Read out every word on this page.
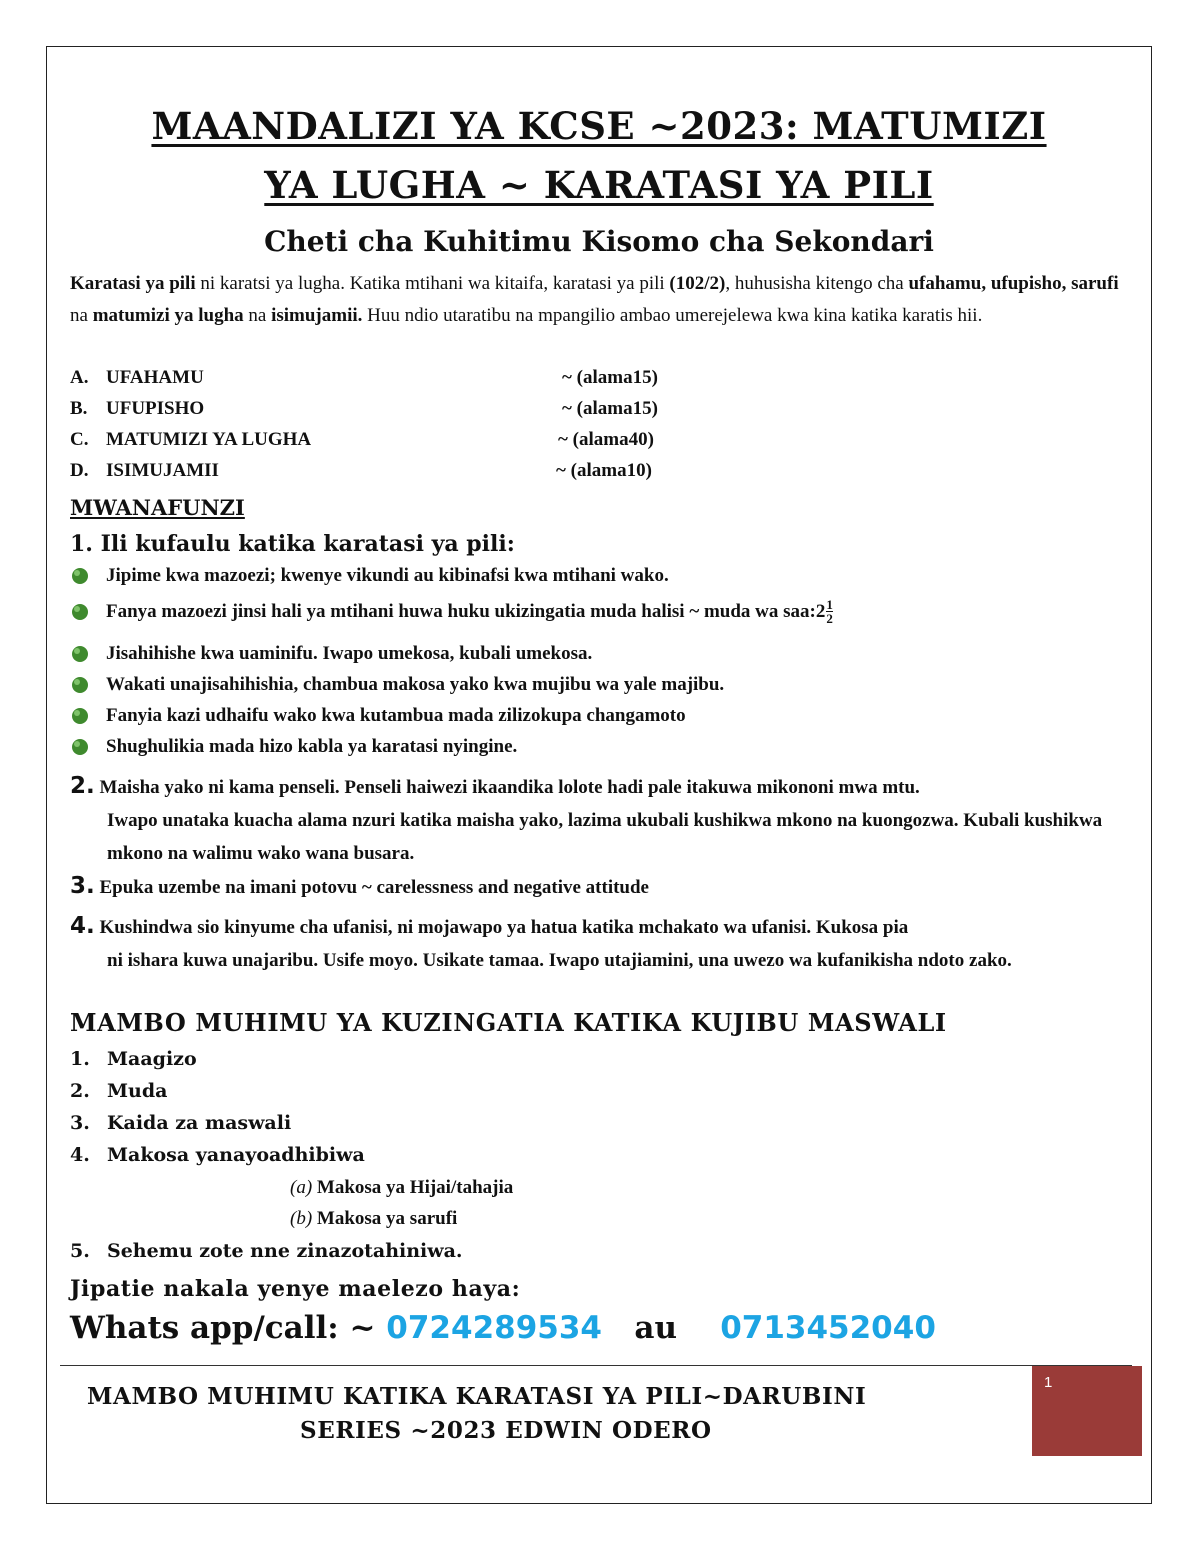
MAANDALIZI YA KCSE ~2023: MATUMIZI
YA LUGHA ~ KARATASI YA PILI
Cheti cha Kuhitimu Kisomo cha Sekondari
Karatasi ya pili ni karatsi ya lugha. Katika mtihani wa kitaifa, karatasi ya pili (102/2), huhusisha kitengo cha ufahamu, ufupisho, sarufi na matumizi ya lugha na isimujamii. Huu ndio utaratibu na mpangilio ambao umerejelewa kwa kina katika karatis hii.
A. UFAHAMU	~ (alama15)
B. UFUPISHO	~ (alama15)
C. MATUMIZI YA LUGHA	~ (alama40)
D. ISIMUJAMII	~ (alama10)
MWANAFUNZI
1. Ili kufaulu katika karatasi ya pili:
Jipime kwa mazoezi; kwenye vikundi au kibinafsi kwa mtihani wako.
Fanya mazoezi jinsi hali ya mtihani huwa huku ukizingatia muda halisi ~ muda wa saa:2 $\frac{1}{2}$
Jisahihishe kwa uaminifu. Iwapo umekosa, kubali umekosa.
Wakati unajisahihishia, chambua makosa yako kwa mujibu wa yale majibu.
Fanyia kazi udhaifu wako kwa kutambua mada zilizokupa changamoto
Shughulikia mada hizo kabla ya karatasi nyingine.
2. Maisha yako ni kama penseli. Penseli haiwezi ikaandika lolote hadi pale itakuwa mikononi mwa mtu.
Iwapo unataka kuacha alama nzuri katika maisha yako, lazima ukubali kushikwa mkono na kuongozwa. Kubali kushikwa mkono na walimu wako wana busara.
3. Epuka uzembe na imani potovu ~ carelessness and negative attitude
4. Kushindwa sio kinyume cha ufanisi, ni mojawapo ya hatua katika mchakato wa ufanisi. Kukosa pia
ni ishara kuwa unajaribu. Usife moyo. Usikate tamaa. Iwapo utajiamini, una uwezo wa kufanikisha ndoto zako.
MAMBO MUHIMU YA KUZINGATIA KATIKA KUJIBU MASWALI
1. Maagizo
2. Muda
3. Kaida za maswali
4. Makosa yanayoadhibiwa
(a) Makosa ya Hijai/tahajia
(b) Makosa ya sarufi
5. Sehemu zote nne zinazotahiniwa.
Jipatie nakala yenye maelezo haya:
Whats app/call: ~ 0724289534 au 0713452040
MAMBO MUHIMU KATIKA KARATASI YA PILI~DARUBINI
SERIES ~2023 EDWIN ODERO
1
